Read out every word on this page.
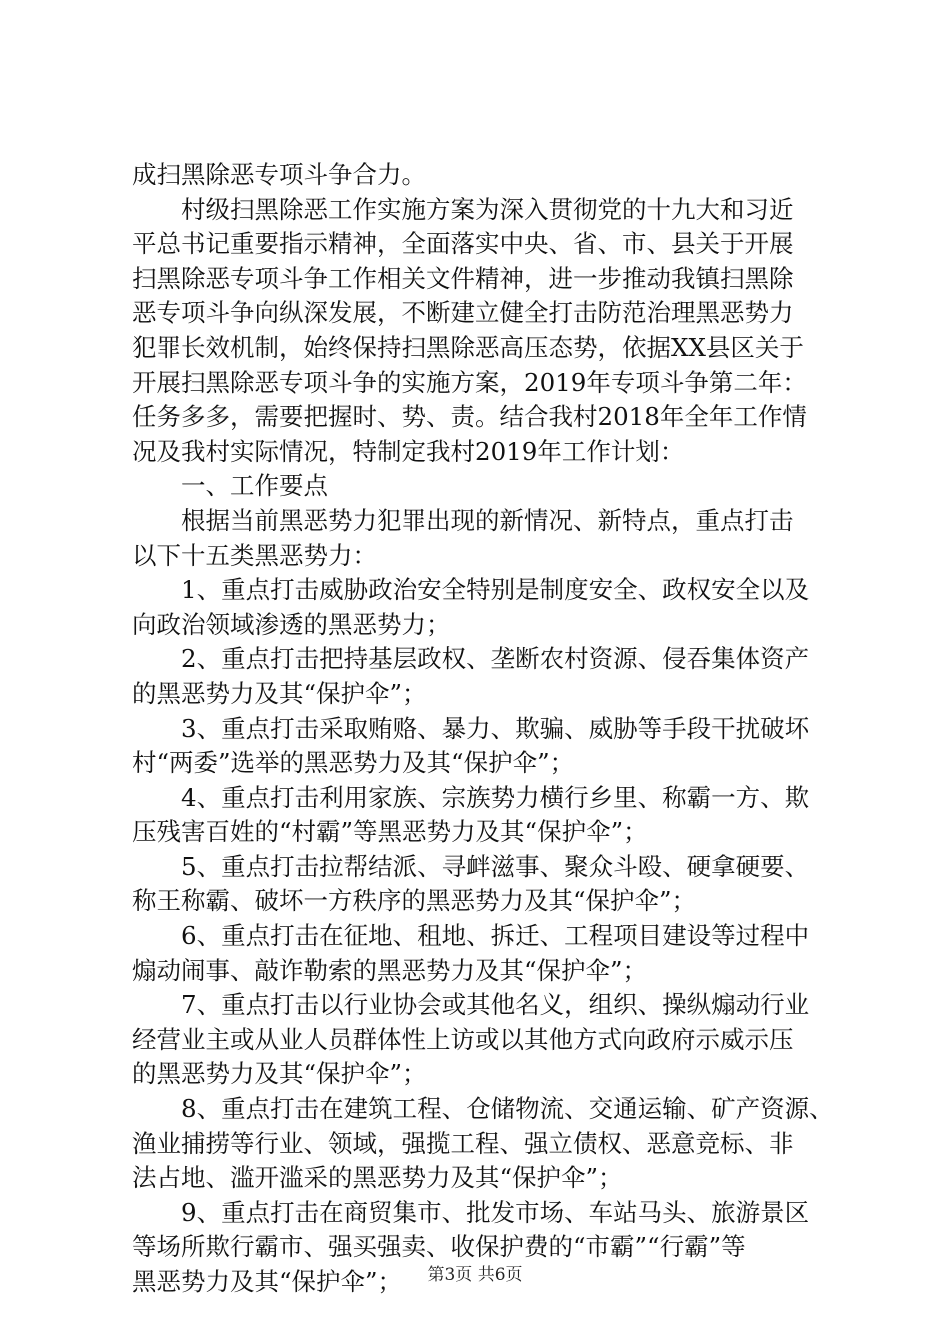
成扫黑除恶专项斗争合力。
村级扫黑除恶工作实施方案为深入贯彻党的十九大和习近
平总书记重要指示精神，全面落实中央、省、市、县关于开展
扫黑除恶专项斗争工作相关文件精神，进一步推动我镇扫黑除
恶专项斗争向纵深发展，不断建立健全打击防范治理黑恶势力
犯罪长效机制，始终保持扫黑除恶高压态势，依据XX县区关于
开展扫黑除恶专项斗争的实施方案，2019年专项斗争第二年：
任务多多，需要把握时、势、责。结合我村2018年全年工作情
况及我村实际情况，特制定我村2019年工作计划：
一、工作要点
根据当前黑恶势力犯罪出现的新情况、新特点，重点打击
以下十五类黑恶势力：
1、重点打击威胁政治安全特别是制度安全、政权安全以及
向政治领域渗透的黑恶势力；
2、重点打击把持基层政权、垄断农村资源、侵吞集体资产
的黑恶势力及其“保护伞”；
3、重点打击采取贿赂、暴力、欺骗、威胁等手段干扰破坏
村“两委”选举的黑恶势力及其“保护伞”；
4、重点打击利用家族、宗族势力横行乡里、称霸一方、欺
压残害百姓的“村霸”等黑恶势力及其“保护伞”；
5、重点打击拉帮结派、寻衅滋事、聚众斗殴、硬拿硬要、
称王称霸、破坏一方秩序的黑恶势力及其“保护伞”；
6、重点打击在征地、租地、拆迁、工程项目建设等过程中
煽动闹事、敲诈勒索的黑恶势力及其“保护伞”；
7、重点打击以行业协会或其他名义，组织、操纵煽动行业
经营业主或从业人员群体性上访或以其他方式向政府示威示压
的黑恶势力及其“保护伞”；
8、重点打击在建筑工程、仓储物流、交通运输、矿产资源、
渔业捕捞等行业、领域，强揽工程、强立债权、恶意竞标、非
法占地、滥开滥采的黑恶势力及其“保护伞”；
9、重点打击在商贸集市、批发市场、车站马头、旅游景区
等场所欺行霸市、强买强卖、收保护费的“市霸”“行霸”等
黑恶势力及其“保护伞”；	第3页 共6页
